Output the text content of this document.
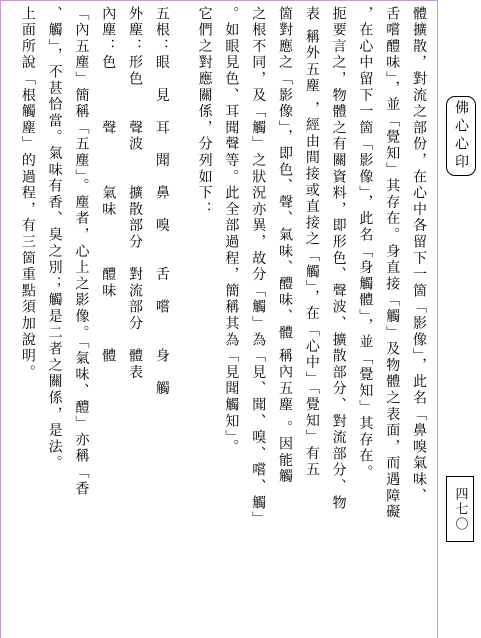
體擴散，對流之部份，在心中各留下一箇「影像」，此名「鼻嗅氣味、
舌嚐醴味」，並「覺知」其存在。身直接「觸」及物體之表面，而遇障礙
，在心中留下一箇「影像」，此名「身觸體」，並「覺知」其存在。
扼要言之，物體之有關資料，即形色、聲波、擴散部分、對流部分、物
表 稱外五塵 ，經由間接或直接之「觸」，在「心中」「覺知」有五
箇對應之「影像」，即色、聲、氣味、醴味、體 稱內五塵 。因能觸
之根不同，及「觸」之狀況亦異，故分「觸」為「見、聞、嗅、嚐、觸」
。如眼見色、耳聞聲等。此全部過程，簡稱其為「見聞觸知」。
它們之對應關係，分列如下：
五根：眼　見　耳　聞　鼻　嗅　　舌　嚐　　身　觸
外塵：形色　　聲波　　擴散部分　對流部分　體表
內塵：色　　　聲　　　氣味　　　醴味　　　體
「內五塵」簡稱「五塵」。塵者，心上之影像。「氣味、醴」亦稱「香
、觸」，不甚恰當。氣味有香、臭之別；觸是二者之關係，是法。
上面所說「根觸塵」的過程，有三箇重點須加說明。	佛心心印
四七〇
